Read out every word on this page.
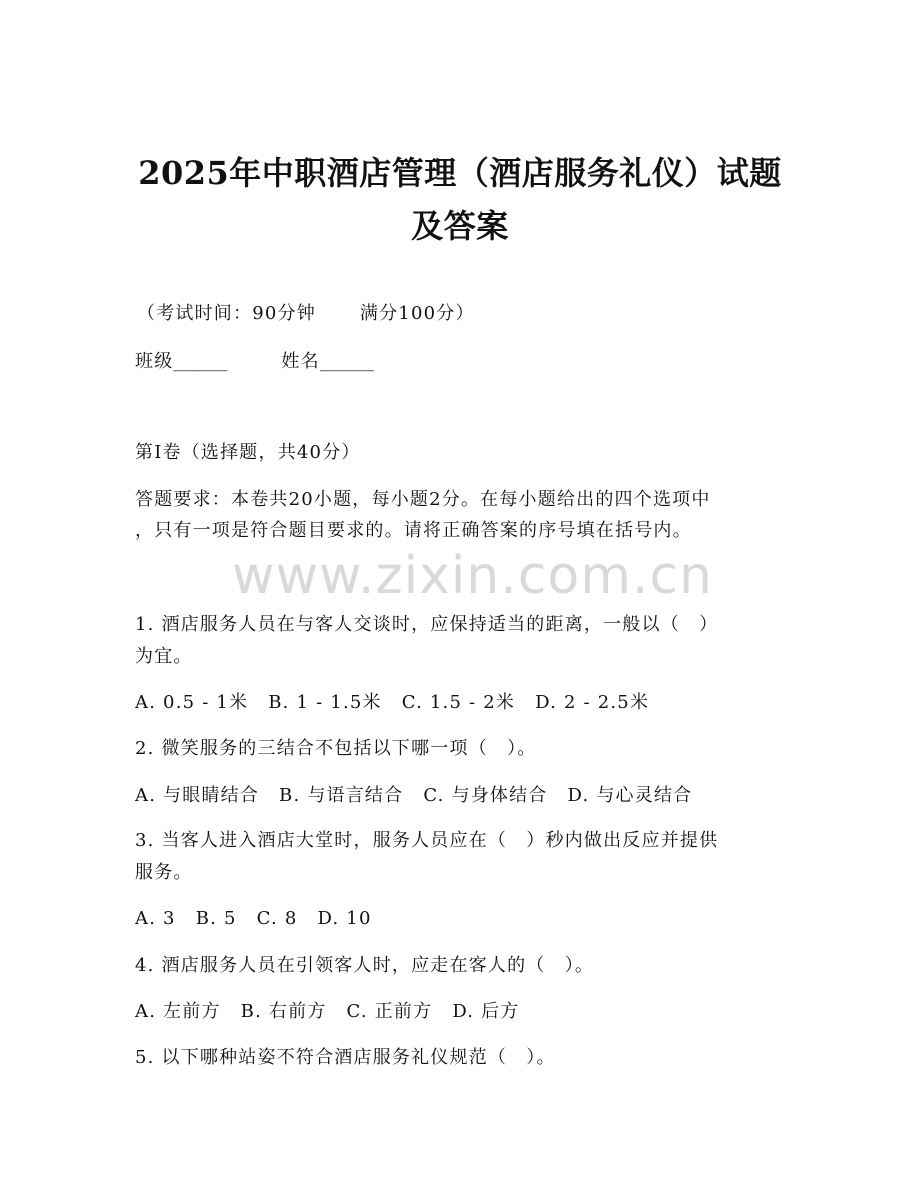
2025年中职酒店管理（酒店服务礼仪）试题
及答案
（考试时间：90分钟 满分100分）
班级______	姓名______
第I卷（选择题，共40分）
答题要求：本卷共20小题，每小题2分。在每小题给出的四个选项中
，只有一项是符合题目要求的。请将正确答案的序号填在括号内。
www.zixin.com.cn
1. 酒店服务人员在与客人交谈时，应保持适当的距离，一般以（　）
为宜。
A. 0.5 - 1米 B. 1 - 1.5米 C. 1.5 - 2米 D. 2 - 2.5米
2. 微笑服务的三结合不包括以下哪一项（　）。
A. 与眼睛结合 B. 与语言结合 C. 与身体结合 D. 与心灵结合
3. 当客人进入酒店大堂时，服务人员应在（　）秒内做出反应并提供
服务。
A. 3 B. 5 C. 8 D. 10
4. 酒店服务人员在引领客人时，应走在客人的（　）。
A. 左前方 B. 右前方 C. 正前方 D. 后方
5. 以下哪种站姿不符合酒店服务礼仪规范（　）。
